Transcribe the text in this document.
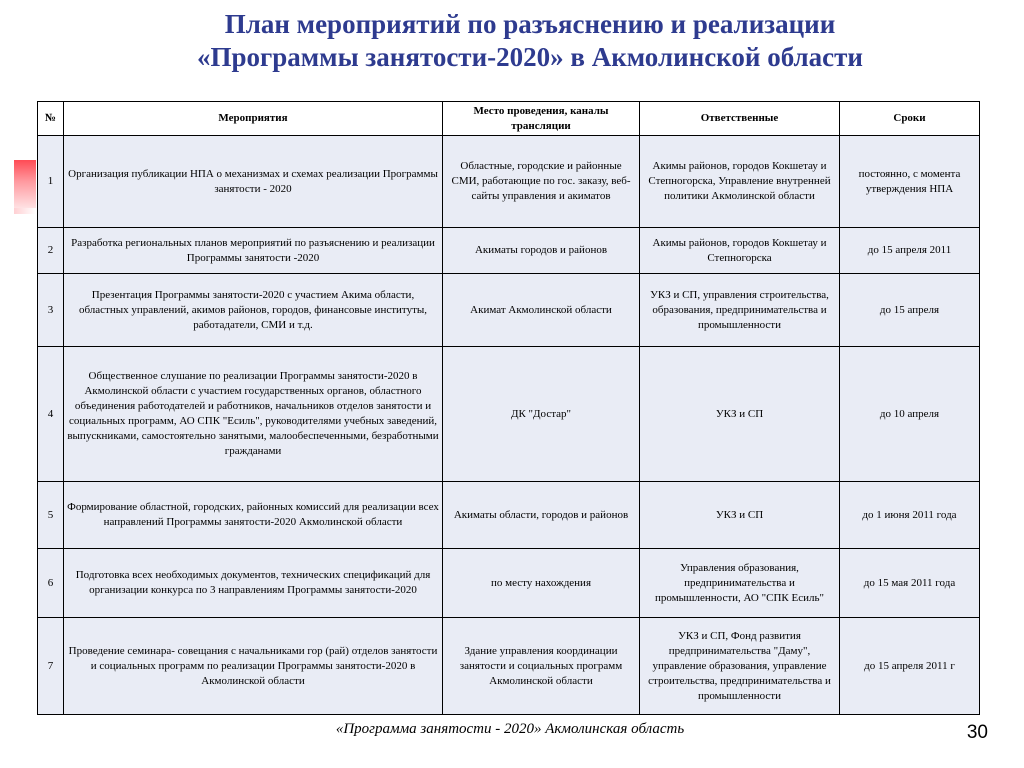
План мероприятий по разъяснению и реализации
«Программы занятости-2020» в Акмолинской области
№	Мероприятия	Место проведения, каналы трансляции	Ответственные	Сроки
1	Организация публикации НПА о механизмах и схемах реализации Программы занятости - 2020	Областные, городские и районные СМИ, работающие по гос. заказу, веб- сайты управления и акиматов	Акимы районов, городов Кокшетау и Степногорска, Управление внутренней политики Акмолинской области	постоянно, с момента утверждения НПА
2	Разработка региональных планов мероприятий по разъяснению и реализации Программы занятости -2020	Акиматы городов и районов	Акимы районов, городов Кокшетау и Степногорска	до 15 апреля 2011
3	Презентация Программы занятости-2020 с участием Акима области, областных управлений, акимов районов, городов, финансовые институты, работадатели, СМИ и т.д.	Акимат Акмолинской области	УКЗ и СП, управления строительства, образования, предпринимательства и промышленности	до 15 апреля
4	Общественное слушание по реализации Программы занятости-2020 в Акмолинской области с участием государственных органов, областного объединения работодателей и работников, начальников отделов занятости и социальных программ, АО СПК "Есиль", руководителями учебных заведений, выпускниками, самостоятельно занятыми, малообеспеченными, безработными гражданами	ДК "Достар"	УКЗ и СП	до 10 апреля
5	Формирование областной, городских, районных комиссий для реализации всех направлений Программы занятости-2020 Акмолинской области	Акиматы области, городов и районов	УКЗ и СП	до 1 июня 2011 года
6	Подготовка всех необходимых документов, технических спецификаций для организации конкурса по 3 направлениям Программы занятости-2020	по месту нахождения	Управления образования, предпринимательства и промышленности, АО "СПК Есиль"	до 15 мая 2011 года
7	Проведение семинара- совещания с начальниками гор (рай) отделов занятости и социальных программ по реализации Программы занятости-2020 в Акмолинской области	Здание управления координации занятости и социальных программ Акмолинской области	УКЗ и СП, Фонд развития предпринимательства "Даму", управление образования, управление строительства, предпринимательства и промышленности	до 15 апреля 2011 г
«Программа занятости - 2020» Акмолинская область	30
